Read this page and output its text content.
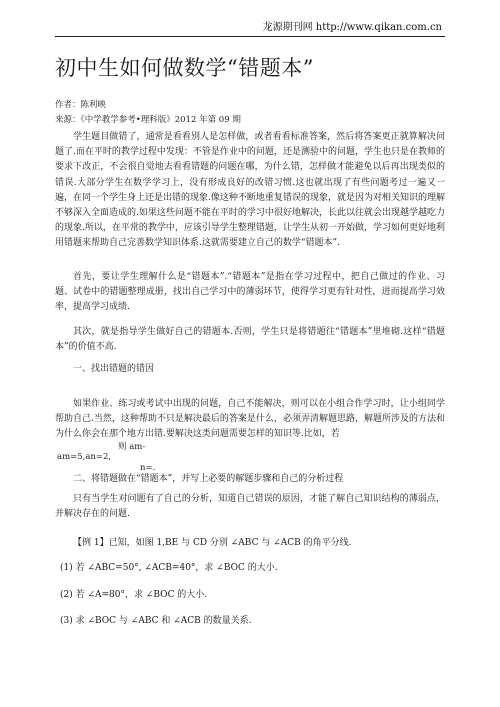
龙源期刊网 http://www.qikan.com.cn
初中生如何做数学“错题本”
作者：陈利映
来源：《中学教学参考•理科版》2012 年第 09 期

学生题目做错了，通常是看看别人是怎样做，或者看看标准答案，然后将答案更正就算解决问题了.而在平时的教学过程中发现：不管是作业中的问题，还是测验中的问题，学生也只是在教师的要求下改正，不会很自觉地去看看错题的问题在哪，为什么错，怎样做才能避免以后再出现类似的错误.大部分学生在数学学习上，没有形成良好的改错习惯.这也就出现了有些问题考过一遍又一遍，在同一个学生身上还是出错的现象.像这种不断地重复错误的现象，就是因为对相关知识的理解不够深入全面造成的.如果这些问题不能在平时的学习中很好地解决，长此以往就会出现越学越吃力的现象.所以，在平常的教学中，应该引导学生整理错题，让学生从初一开始做，学习如何更好地利用错题来帮助自己完善数学知识体系.这就需要建立自己的数学“错题本”.

首先，要让学生理解什么是“错题本”.“错题本”是指在学习过程中，把自己做过的作业、习题、试卷中的错题整理成册，找出自己学习中的薄弱环节，使得学习更有针对性，进而提高学习效率，提高学习成绩.

其次，就是指导学生做好自己的错题本.否则，学生只是将错题往“错题本”里堆砌.这样“错题本”的价值不高.

一、找出错题的错因

如果作业、练习或考试中出现的问题，自己不能解决，则可以在小组合作学习时，让小组同学帮助自己.当然，这种帮助不只是解决最后的答案是什么，必须弄清解题思路，解题所涉及的方法和为什么你会在那个地方出错.要解决这类问题需要怎样的知识等.比如，若

则 am-
am=5,an=2,
n=.

二、将错题做在“错题本”，并写上必要的解题步骤和自己的分析过程

只有当学生对问题有了自己的分析，知道自己错误的原因，才能了解自己知识结构的薄弱点，并解决存在的问题.

【例 1】已知，如图 1,BE 与 CD 分别 ∠ABC 与 ∠ACB 的角平分线.

(1) 若 ∠ABC=50°, ∠ACB=40°，求 ∠BOC 的大小.

(2) 若 ∠A=80°，求 ∠BOC 的大小.

(3) 求 ∠BOC 与 ∠ABC 和 ∠ACB 的数量关系.
